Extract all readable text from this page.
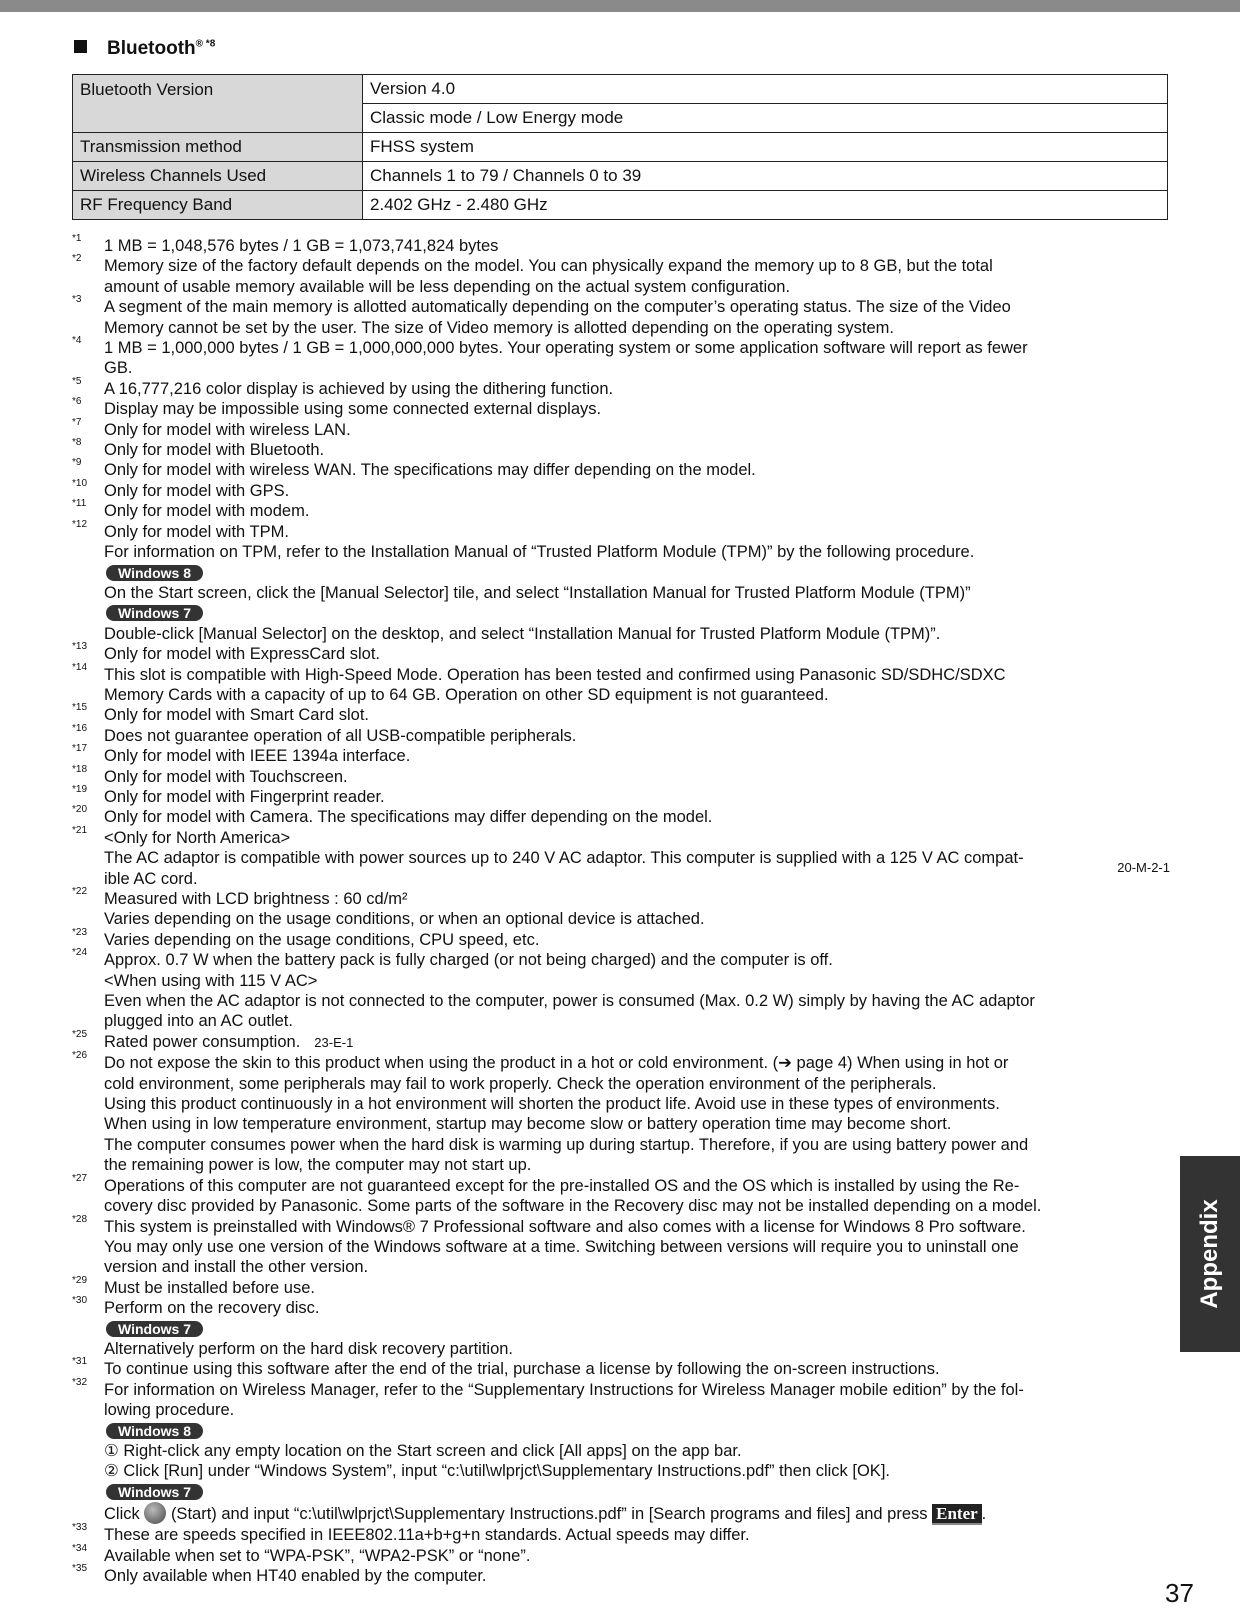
Bluetooth® $^{*8}$
Bluetooth Version	Version 4.0
	Classic mode / Low Energy mode
Transmission method	FHSS system
Wireless Channels Used	Channels 1 to 79 / Channels 0 to 39
RF Frequency Band	2.402 GHz - 2.480 GHz
*1 1 MB = 1,048,576 bytes / 1 GB = 1,073,741,824 bytes
*2 Memory size of the factory default depends on the model. You can physically expand the memory up to 8 GB, but the total
amount of usable memory available will be less depending on the actual system configuration.
*3 A segment of the main memory is allotted automatically depending on the computer’s operating status. The size of the Video
Memory cannot be set by the user. The size of Video memory is allotted depending on the operating system.
*4 1 MB = 1,000,000 bytes / 1 GB = 1,000,000,000 bytes. Your operating system or some application software will report as fewer
GB.
*5 A 16,777,216 color display is achieved by using the dithering function.
*6 Display may be impossible using some connected external displays.
*7 Only for model with wireless LAN.
*8 Only for model with Bluetooth.
*9 Only for model with wireless WAN. The specifications may differ depending on the model.
*10 Only for model with GPS.
*11 Only for model with modem.
*12 Only for model with TPM.
For information on TPM, refer to the Installation Manual of “Trusted Platform Module (TPM)” by the following procedure.
Windows 8
On the Start screen, click the [Manual Selector] tile, and select “Installation Manual for Trusted Platform Module (TPM)”
Windows 7
Double-click [Manual Selector] on the desktop, and select “Installation Manual for Trusted Platform Module (TPM)”.
*13 Only for model with ExpressCard slot.
*14 This slot is compatible with High-Speed Mode. Operation has been tested and confirmed using Panasonic SD/SDHC/SDXC
Memory Cards with a capacity of up to 64 GB. Operation on other SD equipment is not guaranteed.
*15 Only for model with Smart Card slot.
*16 Does not guarantee operation of all USB-compatible peripherals.
*17 Only for model with IEEE 1394a interface.
*18 Only for model with Touchscreen.
*19 Only for model with Fingerprint reader.
*20 Only for model with Camera. The specifications may differ depending on the model.
*21 <Only for North America>
The AC adaptor is compatible with power sources up to 240 V AC adaptor. This computer is supplied with a 125 V AC compat-
20-M-2-1
ible AC cord.
*22 Measured with LCD brightness : 60 cd/m²
Varies depending on the usage conditions, or when an optional device is attached.
*23 Varies depending on the usage conditions, CPU speed, etc.
*24 Approx. 0.7 W when the battery pack is fully charged (or not being charged) and the computer is off.
<When using with 115 V AC>
Even when the AC adaptor is not connected to the computer, power is consumed (Max. 0.2 W) simply by having the AC adaptor
plugged into an AC outlet.
*25 Rated power consumption. 23-E-1
*26 Do not expose the skin to this product when using the product in a hot or cold environment. (➔ page 4) When using in hot or
cold environment, some peripherals may fail to work properly. Check the operation environment of the peripherals.
Using this product continuously in a hot environment will shorten the product life. Avoid use in these types of environments.
When using in low temperature environment, startup may become slow or battery operation time may become short.
The computer consumes power when the hard disk is warming up during startup. Therefore, if you are using battery power and
the remaining power is low, the computer may not start up.
*27 Operations of this computer are not guaranteed except for the pre-installed OS and the OS which is installed by using the Re-
covery disc provided by Panasonic. Some parts of the software in the Recovery disc may not be installed depending on a model.
*28 This system is preinstalled with Windows® 7 Professional software and also comes with a license for Windows 8 Pro software.
You may only use one version of the Windows software at a time. Switching between versions will require you to uninstall one
version and install the other version.
*29 Must be installed before use.
*30 Perform on the recovery disc.
Windows 7
Alternatively perform on the hard disk recovery partition.
*31 To continue using this software after the end of the trial, purchase a license by following the on-screen instructions.
*32 For information on Wireless Manager, refer to the “Supplementary Instructions for Wireless Manager mobile edition” by the fol-
lowing procedure.
Windows 8
① Right-click any empty location on the Start screen and click [All apps] on the app bar.
② Click [Run] under “Windows System”, input “c:\util\wlprjct\Supplementary Instructions.pdf” then click [OK].
Windows 7
Click (Start) and input “c:\util\wlprjct\Supplementary Instructions.pdf” in [Search programs and files] and press Enter .
*33 These are speeds specified in IEEE802.11a+b+g+n standards. Actual speeds may differ.
*34 Available when set to “WPA-PSK”, “WPA2-PSK” or “none”.
*35 Only available when HT40 enabled by the computer.
Appendix
37
